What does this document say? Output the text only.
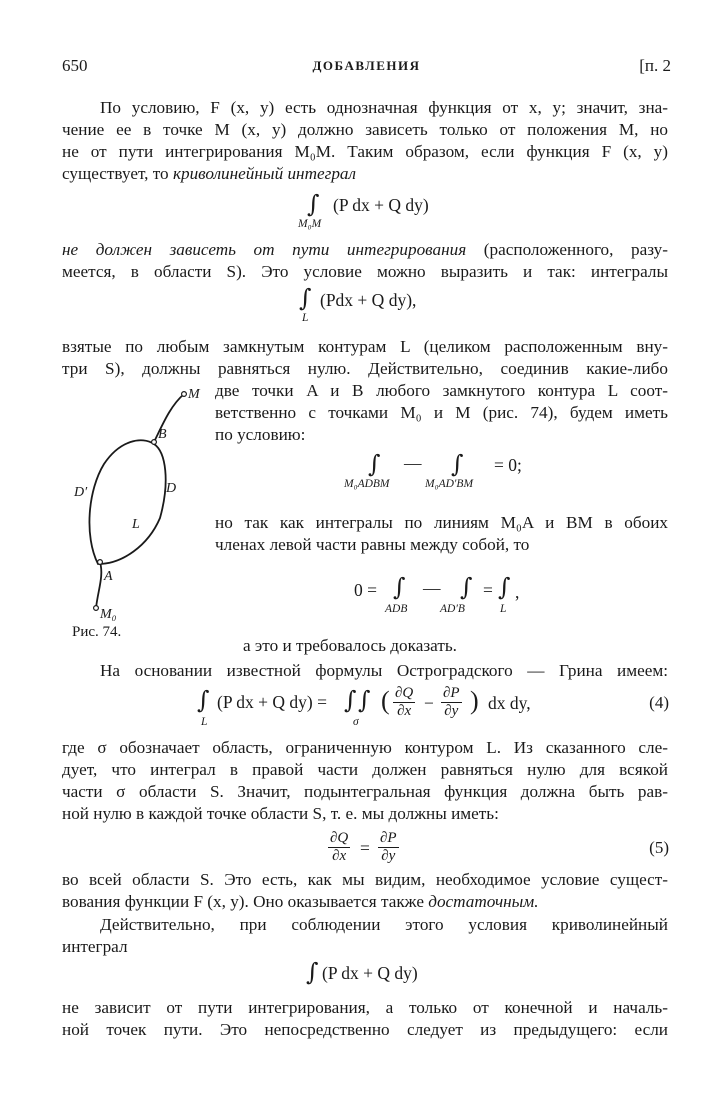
650	ДОБАВЛЕНИЯ	[п. 2
По условию, F (x, y) есть однозначная функция от x, y; значит, зна-
чение ее в точке M (x, y) должно зависеть только от положения M, но
не от пути интегрирования M₀M. Таким образом, если функция F (x, y)
существует, то криволинейный интеграл
∫
M₀M
(P dx + Q dy)
не должен зависеть от пути интегрирования (расположенного, разу-
меется, в области S). Это условие можно выразить и так: интегралы
∫
L
(Pdx + Q dy),
взятые по любым замкнутым контурам L (целиком расположенным вну-
три S), должны равняться нулю. Действительно, соединив какие-либо
две точки A и B любого замкнутого контура L соот-
ветственно с точками M₀ и M (рис. 74), будем иметь
по условию:
∫
M₀ADBM
— ∫
M₀AD′BM
= 0;
но так как интегралы по линиям M₀A и BM в обоих
членах левой части равны между собой, то
0 = ∫
ADB
— ∫
AD′B
= ∫
L
,
а это и требовалось доказать.
M
B
D′	D
L
A
M₀
Рис. 74.
На основании известной формулы Остроградского — Грина имеем:
∫
L
(P dx + Q dy) = ∫ ∫
σ
( $\frac{\partial Q}{\partial x} - \frac{\partial P}{\partial y}$ ) dx dy,	(4)
где σ обозначает область, ограниченную контуром L. Из сказанного сле-
дует, что интеграл в правой части должен равняться нулю для всякой
части σ области S. Значит, подынтегральная функция должна быть рав-
ной нулю в каждой точке области S, т. е. мы должны иметь:
$\frac{\partial Q}{\partial x} = \frac{\partial P}{\partial y}$	(5)
во всей области S. Это есть, как мы видим, необходимое условие сущест-
вования функции F (x, y). Оно оказывается также достаточным.
Действительно, при соблюдении этого условия криволинейный
интеграл
∫ (P dx + Q dy)
не зависит от пути интегрирования, а только от конечной и началь-
ной точек пути. Это непосредственно следует из предыдущего: если
